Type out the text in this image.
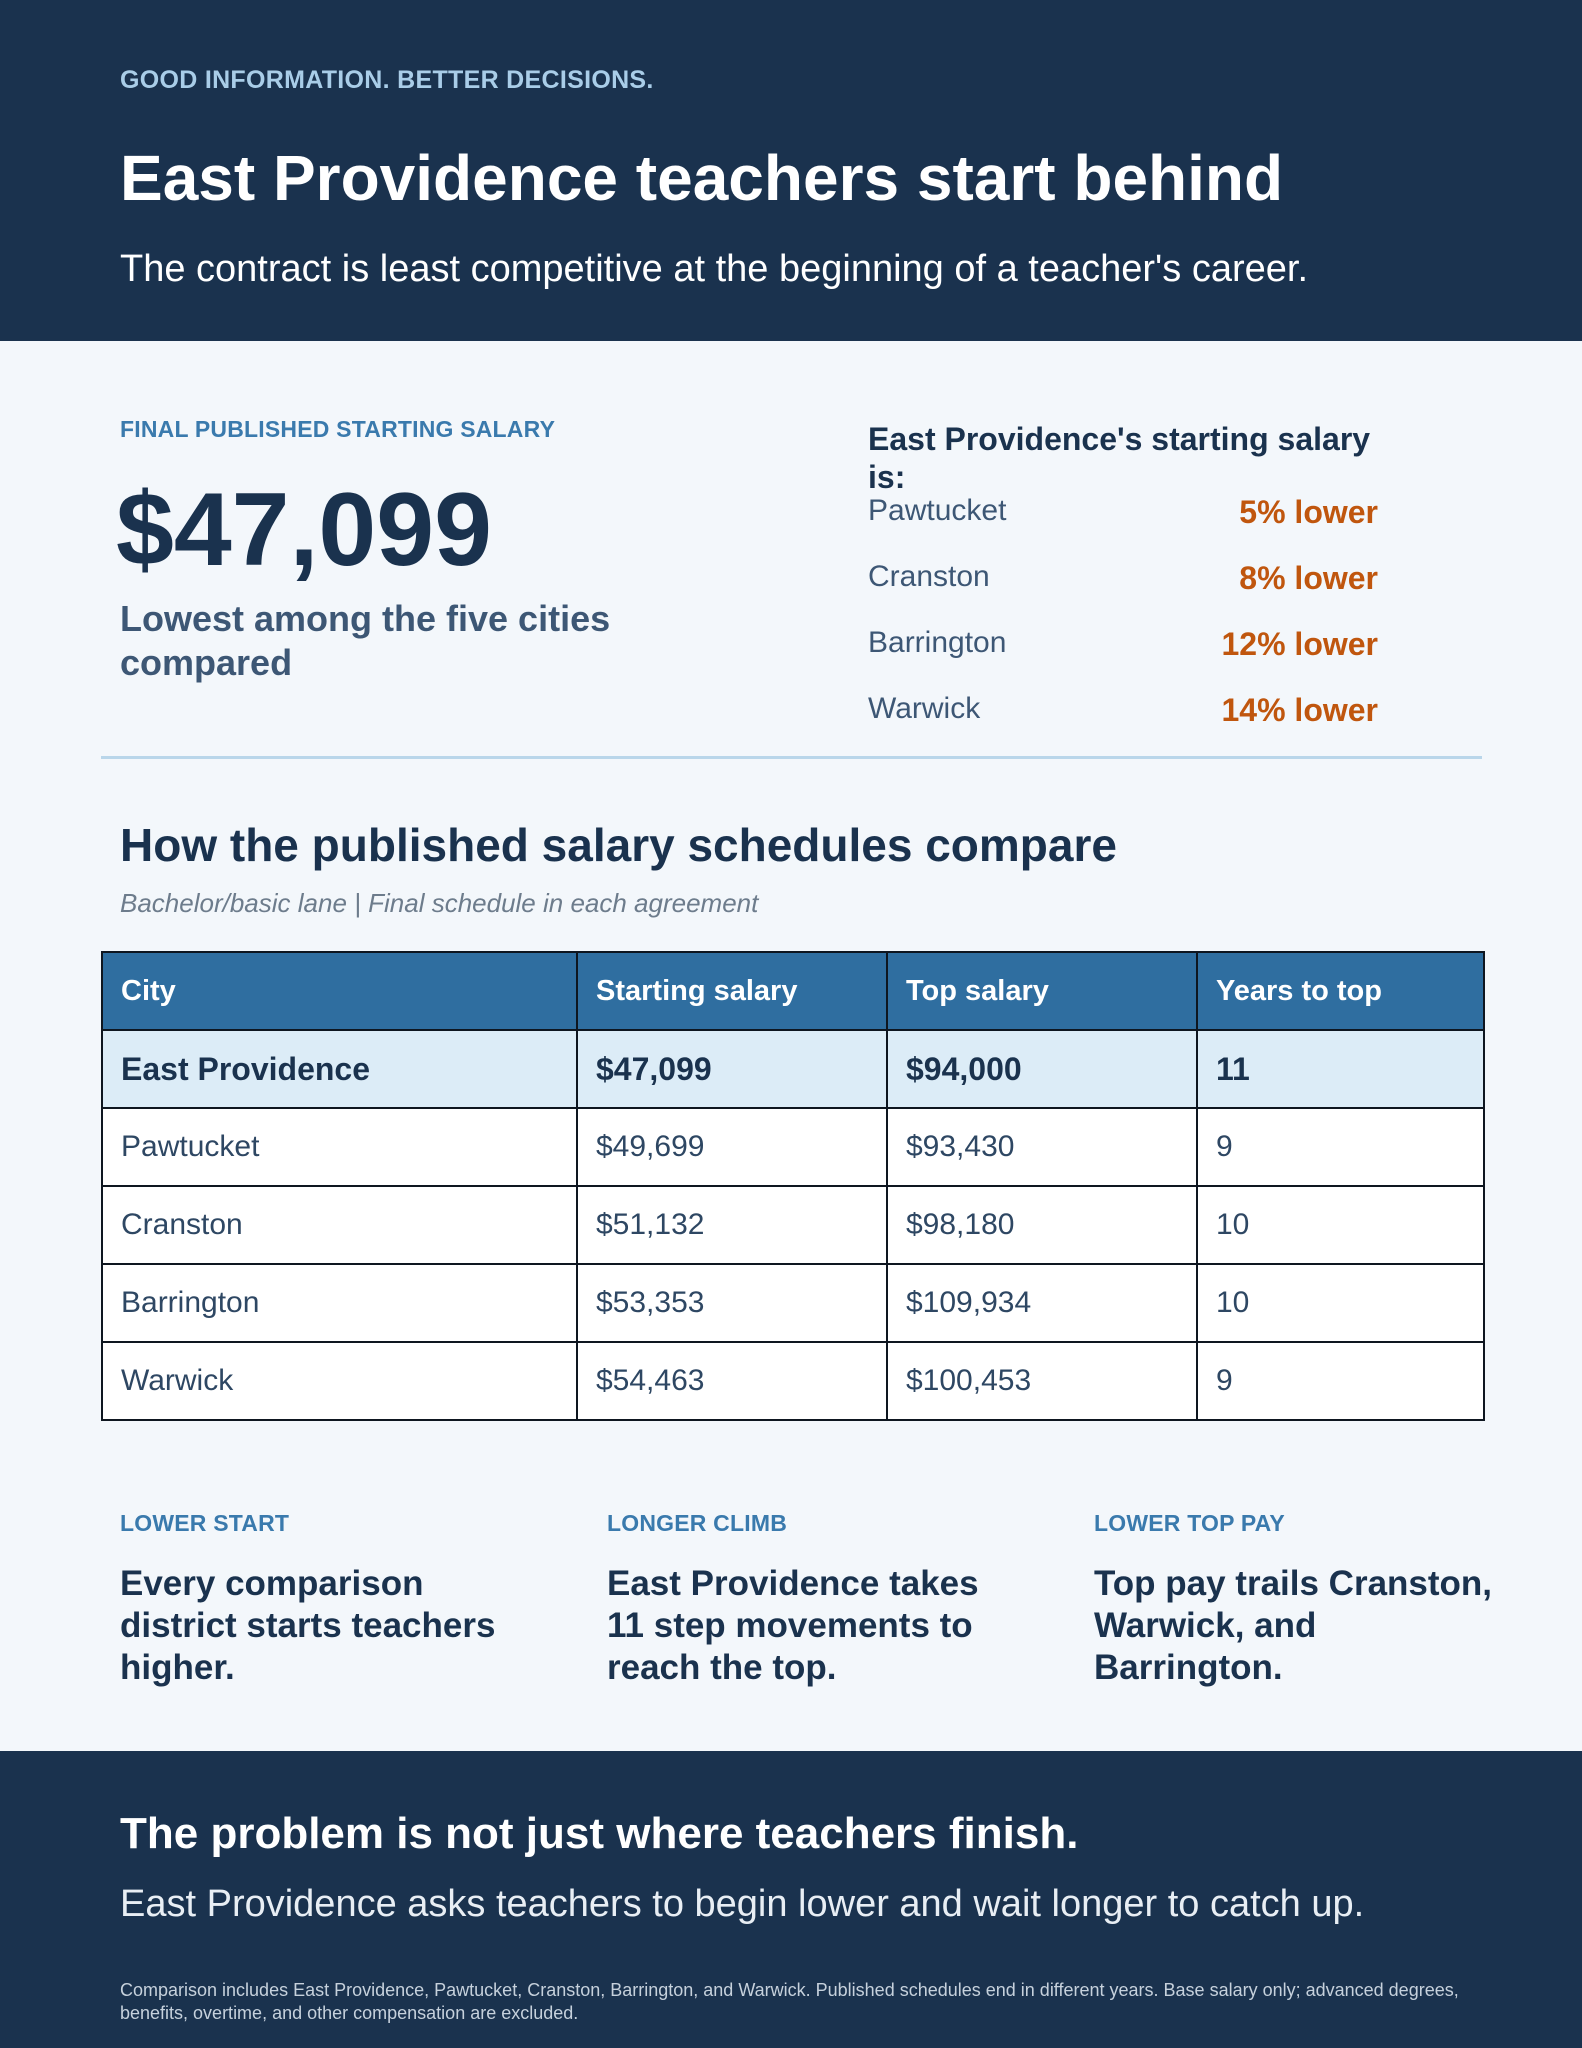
GOOD INFORMATION. BETTER DECISIONS.
East Providence teachers start behind
The contract is least competitive at the beginning of a teacher's career.
FINAL PUBLISHED STARTING SALARY
$47,099
Lowest among the five cities compared
East Providence's starting salary is:
Pawtucket	5% lower
Cranston	8% lower
Barrington	12% lower
Warwick	14% lower
How the published salary schedules compare
Bachelor/basic lane | Final schedule in each agreement
City	Starting salary	Top salary	Years to top
East Providence	$47,099	$94,000	11
Pawtucket	$49,699	$93,430	9
Cranston	$51,132	$98,180	10
Barrington	$53,353	$109,934	10
Warwick	$54,463	$100,453	9
LOWER START
Every comparison district starts teachers higher.
LONGER CLIMB
East Providence takes 11 step movements to reach the top.
LOWER TOP PAY
Top pay trails Cranston, Warwick, and Barrington.
The problem is not just where teachers finish.
East Providence asks teachers to begin lower and wait longer to catch up.
Comparison includes East Providence, Pawtucket, Cranston, Barrington, and Warwick. Published schedules end in different years. Base salary only; advanced degrees, benefits, overtime, and other compensation are excluded.
